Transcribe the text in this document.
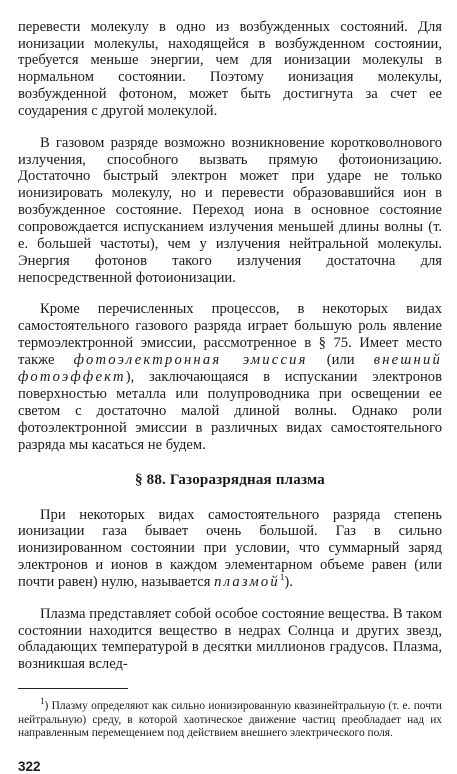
перевести молекулу в одно из возбужденных состояний. Для ионизации молекулы, находящейся в возбужденном состоянии, требуется меньше энергии, чем для ионизации молекулы в нормальном состоянии. Поэтому ионизация молекулы, возбужденной фотоном, может быть достигнута за счет ее соударения с другой молекулой.

В газовом разряде возможно возникновение коротковолнового излучения, способного вызвать прямую фотоионизацию. Достаточно быстрый электрон может при ударе не только ионизировать молекулу, но и перевести образовавшийся ион в возбужденное состояние. Переход иона в основное состояние сопровождается испусканием излучения меньшей длины волны (т. е. большей частоты), чем у излучения нейтральной молекулы. Энергия фотонов такого излучения достаточна для непосредственной фотоионизации.

Кроме перечисленных процессов, в некоторых видах самостоятельного газового разряда играет большую роль явление термоэлектронной эмиссии, рассмотренное в § 75. Имеет место также фотоэлектронная эмиссия (или внешний фотоэффект), заключающаяся в испускании электронов поверхностью металла или полупроводника при освещении ее светом с достаточно малой длиной волны. Однако роли фотоэлектронной эмиссии в различных видах самостоятельного разряда мы касаться не будем.

§ 88. Газоразрядная плазма

При некоторых видах самостоятельного разряда степень ионизации газа бывает очень большой. Газ в сильно ионизированном состоянии при условии, что суммарный заряд электронов и ионов в каждом элементарном объеме равен (или почти равен) нулю, называется плазмой$^1$).

Плазма представляет собой особое состояние вещества. В таком состоянии находится вещество в недрах Солнца и других звезд, обладающих температурой в десятки миллионов градусов. Плазма, возникшая вслед-

$^1$) Плазму определяют как сильно ионизированную квазинейтральную (т. е. почти нейтральную) среду, в которой хаотическое движение частиц преобладает над их направленным перемещением под действием внешнего электрического поля.

322
